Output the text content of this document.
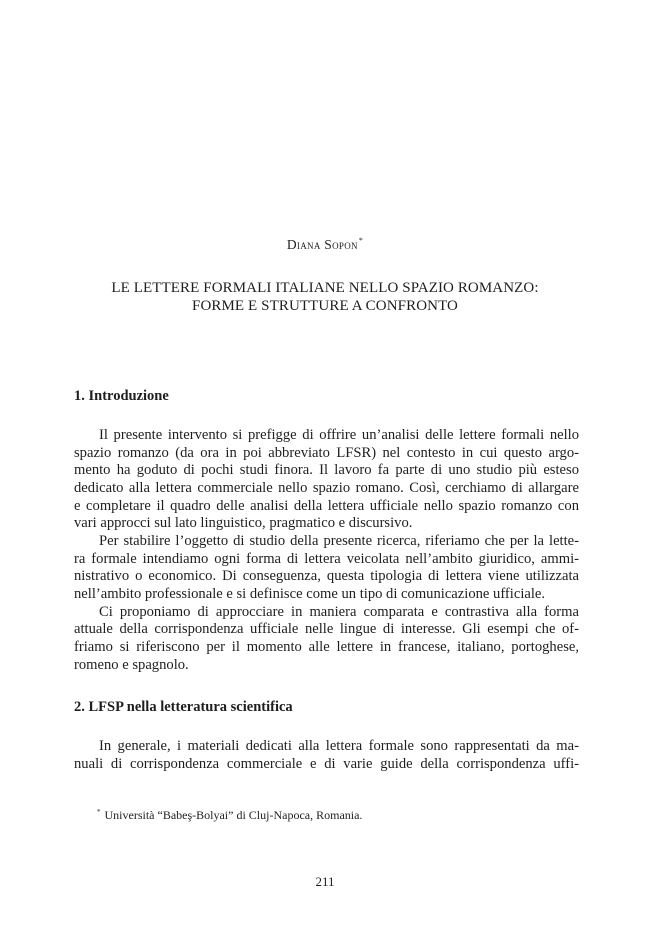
Diana Sopon*
LE LETTERE FORMALI ITALIANE NELLO SPAZIO ROMANZO:
FORME E STRUTTURE A CONFRONTO
1. Introduzione
Il presente intervento si prefigge di offrire un’analisi delle lettere formali nello
spazio romanzo (da ora in poi abbreviato LFSR) nel contesto in cui questo argo-
mento ha goduto di pochi studi finora. Il lavoro fa parte di uno studio più esteso
dedicato alla lettera commerciale nello spazio romano. Così, cerchiamo di allargare
e completare il quadro delle analisi della lettera ufficiale nello spazio romanzo con
vari approcci sul lato linguistico, pragmatico e discursivo.
Per stabilire l’oggetto di studio della presente ricerca, riferiamo che per la lette-
ra formale intendiamo ogni forma di lettera veicolata nell’ambito giuridico, ammi-
nistrativo o economico. Di conseguenza, questa tipologia di lettera viene utilizzata
nell’ambito professionale e si definisce come un tipo di comunicazione ufficiale.
Ci proponiamo di approcciare in maniera comparata e contrastiva alla forma
attuale della corrispondenza ufficiale nelle lingue di interesse. Gli esempi che of-
friamo si riferiscono per il momento alle lettere in francese, italiano, portoghese,
romeno e spagnolo.
2. LFSP nella letteratura scientifica
In generale, i materiali dedicati alla lettera formale sono rappresentati da ma-
nuali di corrispondenza commerciale e di varie guide della corrispondenza uffi-
* Università “Babeş-Bolyai” di Cluj-Napoca, Romania.
211
